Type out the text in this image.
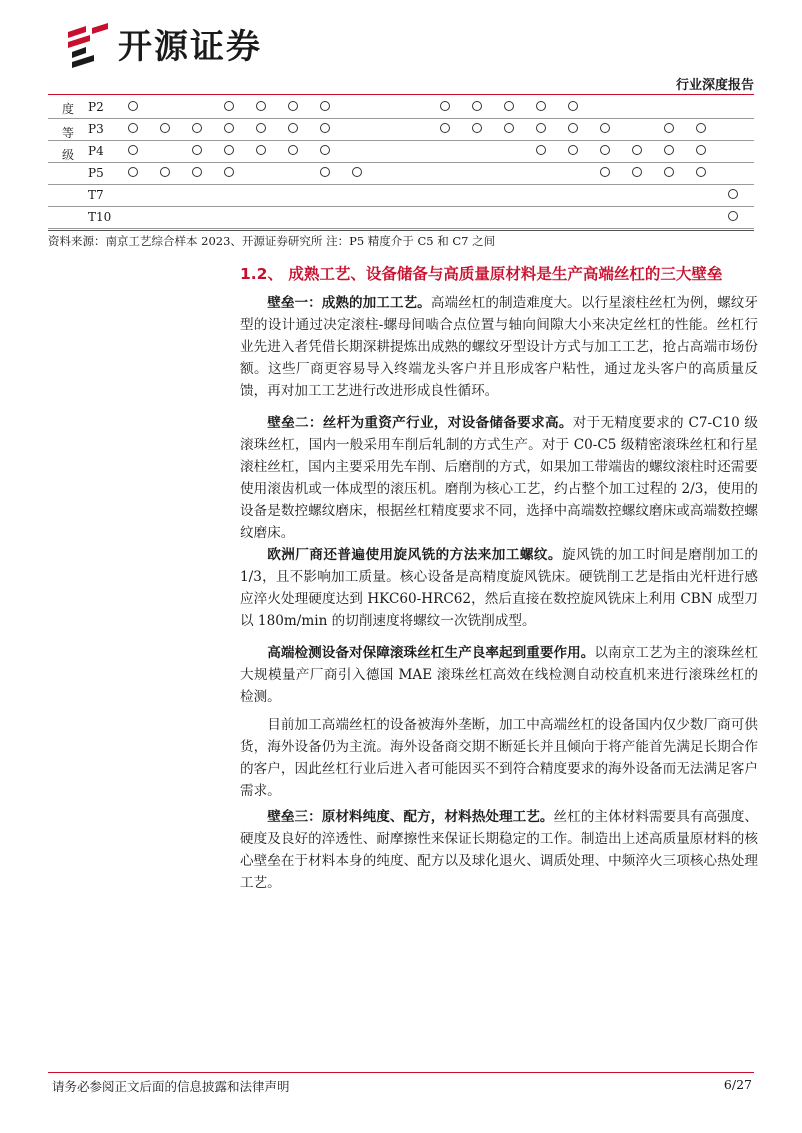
开源证券
行业深度报告
度
等
级
P2
P3
P4
P5
T7
T10
资料来源：南京工艺综合样本 2023、开源证券研究所 注：P5 精度介于 C5 和 C7 之间
1.2、 成熟工艺、设备储备与高质量原材料是生产高端丝杠的三大壁垒
壁垒一：成熟的加工工艺。高端丝杠的制造难度大。以行星滚柱丝杠为例，螺纹牙型的设计通过决定滚柱-螺母间啮合点位置与轴向间隙大小来决定丝杠的性能。丝杠行业先进入者凭借长期深耕提炼出成熟的螺纹牙型设计方式与加工工艺，抢占高端市场份额。这些厂商更容易导入终端龙头客户并且形成客户粘性，通过龙头客户的高质量反馈，再对加工工艺进行改进形成良性循环。
壁垒二：丝杆为重资产行业，对设备储备要求高。对于无精度要求的 C7-C10 级滚珠丝杠，国内一般采用车削后轧制的方式生产。对于 C0-C5 级精密滚珠丝杠和行星滚柱丝杠，国内主要采用先车削、后磨削的方式，如果加工带端齿的螺纹滚柱时还需要使用滚齿机或一体成型的滚压机。磨削为核心工艺，约占整个加工过程的 2/3，使用的设备是数控螺纹磨床，根据丝杠精度要求不同，选择中高端数控螺纹磨床或高端数控螺纹磨床。
欧洲厂商还普遍使用旋风铣的方法来加工螺纹。旋风铣的加工时间是磨削加工的 1/3，且不影响加工质量。核心设备是高精度旋风铣床。硬铣削工艺是指由光杆进行感应淬火处理硬度达到 HKC60-HRC62，然后直接在数控旋风铣床上利用 CBN 成型刀以 180m/min 的切削速度将螺纹一次铣削成型。
高端检测设备对保障滚珠丝杠生产良率起到重要作用。以南京工艺为主的滚珠丝杠大规模量产厂商引入德国 MAE 滚珠丝杠高效在线检测自动校直机来进行滚珠丝杠的检测。
目前加工高端丝杠的设备被海外垄断，加工中高端丝杠的设备国内仅少数厂商可供货，海外设备仍为主流。海外设备商交期不断延长并且倾向于将产能首先满足长期合作的客户，因此丝杠行业后进入者可能因买不到符合精度要求的海外设备而无法满足客户需求。
壁垒三：原材料纯度、配方，材料热处理工艺。丝杠的主体材料需要具有高强度、硬度及良好的淬透性、耐摩擦性来保证长期稳定的工作。制造出上述高质量原材料的核心壁垒在于材料本身的纯度、配方以及球化退火、调质处理、中频淬火三项核心热处理工艺。
请务必参阅正文后面的信息披露和法律声明	6/27
